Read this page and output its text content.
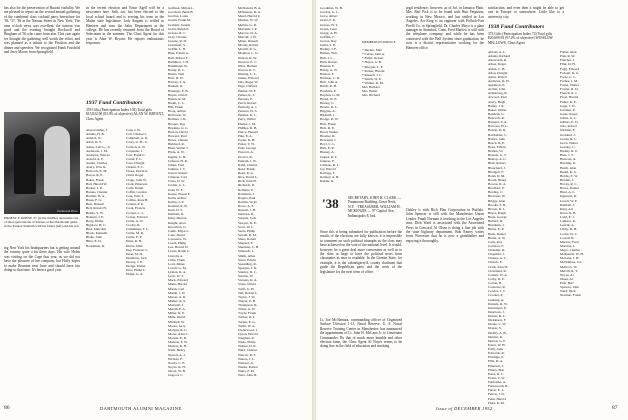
has also for the preservation of Hawaii visibility. We are pleased to report on the second annual gathering of the combined class cocktail party heretofore for '36, '37, '38 at the Nassau Street in New York. The nine o'clock news was excellent; the turnout was good and the evening brought Rockwell and Bingham of '36 who came from afar. This year again we thought the gathering well worth the effort, and was planned as a tribute to the Pavilion and the dinner and speeches. We recognized Frank Fairchild and Jerry Moore from Springfield.

Dartmouth Photo
ERNEST F. KEENE '37 (in the middle) represents one of three generations of Keenes at the Dartmouth game in the Yankee Stadium with his father (left) and his son.

ing New York his headquarters but is getting around the country quite a bit these days. His wife Helen was visiting on the Cape that year, as we did not have the pleasure of her company, but Holly hopes to make Reunion next June and should have fun doing so that time. It's been a good year.

in the recent election and Ernie Agell will be a newcomer here. Seth, too, has been elected to the local school board and is serving his term in the Maine state legislature. Jack Sargent is settled in Hanover and runs the Sales Department at the college. He has recently returned from the Board of Selectmen in the summer. The Class Agent for this year is Alan W. Bryant. He reports enthusiastic responses.

1937 Fund Contributors
359 Gifts (Participation Index 103) Total gifts $15,822.00 (83.0% of objective) ALAN W. BRYANT, Class Agent
Abercrombie, J.
Adams, H. B.
Aldrich, N.
Allen, R. S.
Ames, Carl G., Jr.
Anderson, J. M.
Andrews, Warren
Arnold, A. F.
Austin, Charles
Avery, Wm. R.
Babcock, E. M.
Bacon, R. P.
Baker, Frank
Ball, Harold W.
Barker, J. R.
Barnes, Chester
Bartlett, D. A.
Bates, F. G.
Beal, Russell
Bell, Robert H.
Bemis, S. W.
Bennett, J. E.
Berry, Philip
Bigelow, H. C.
Bird, Malcolm
Black, Kenneth
Blake, John
Bliss, E. D.
Boardman, R.
Cain, J. W.
Call, Chester L.
Campbell, A. K.
Carey, G. B., Jr.
Carlson, A. N.
Carpenter, J.
Carr, Frank C.
Carter, F. L.
Case, Dwight
Chapin, E. L.
Chase, David A.
Child, Roger
Clapp, John W.
Clark, Emerson
Cobb, Ralph
Coffin, Gordon
Cole, Wm. T.
Collins, Ross H.
Conant, P. R.
Cook, Francis
Cooper, C. L.
Cotton, Edward
Crane, A. W.
Crosby, R.
Cummings, T. L.
Curtis, M. R.
Cutler, E. F.
Dana, R. H.
Davis, Allen
Day, Frederic C.
Dean, M. H.
Dennison, Jack
Dewey, J. E.
Dodge, Walter
Dow, Philip L.
Drake, G. A.
Goffinet, Milton L.
Goodwin, Benn B.
Gordon, Louis
Gould, Frank M.
Graham, Joseph
Grant, Ralph E.
Graves, R. C.
Gray, Charles
Greene, R. D.
Greenleaf, S.
Griffin, L. B.
Hale, Edwin A.
Hall, Robert F.
Hamilton, J. H.
Hammond, W.
Hardy, R. C.
Harris, Neil
Hart, D. W.
Harvey, T. A.
Haskell, R.
Hastings, E. B.
Hayes, John P.
Hazen, R. M.
Heath, C. L.
Hill, Frank
Hoag, Arthur
Holbrook, W.
Holmes, J. R.
Hooper, Ray
Hopkins, G. L.
Horton, David
Howard, Paul
Howe, Chester
Hubbard, R.
Hunt, Walter J.
Hyde, A. W.
Ingalls, C. B.
Jackson, H. R.
James, Fred
Jenkins, J. T.
Jewett, Robert
Johnson, Carl
Jones, D. W.
Jordan, A. L.
Judd, W. E.
Keene, Ernest F.
Keith, Arthur
Kelley, J. P.
Kendall, R. B.
Kent, D. S.
Kimball, R.
King, Merton
Knight, Alan
Knowlton, G.
Lamb, Edgar L.
Lane, David
Lawrence, W.
Leach, Philip
Lee, Harold D.
Lewis, Ralph C.
Lincoln, A.
Little, Frank
Lord, James
Lovell, G. M.
Lyman, R. A.
Lyon, W. T.
Mack, Edward
Mann, Harold
Marsh, Carl
Martin, J. D.
Mason, A. R.
Mather, R. S.
Maxwell, J.
Merrill, F. A.
Miller, R. E.
Mills, David
Mitchell, W.
Moore, Jerry
Morgan, R. L.
Morse, Alan C.
Morton, E. D.
Munson, F. W.
Murray, R. H.
Nash, Henry
Newell, A. J.
Nichols, F.
Norris, C. E.
Noyes, R. H.
Olcott, W. B.
Osgood, C.
McDonald, B. A.
McKenzie, R. A.
Mead, Harold T.
Meeker, W. W.
Melvin, G. R.
Merriam, J. P.
Merrow, D. A.
Metcalf, J. H.
Miner, Russell
Moody, Robert
Morrill, R. G.
Moulton, L. G.
Nelson, R. W.
Newton, E. C.
Niles, Herbert
Norton, R. C.
Nutting, L. L.
Oakes, Edward
Otis, Roger W.
Page, Clifford
Palmer, W. F.
Parker, R. T.
Parsons, F.
Patch, Robert
Peabody, A. J.
Pearson, D. S.
Perkins, R. L.
Perry, Walter
Phelps, J. M.
Phillips, R. B.
Pierce, Harold
Pike, E. A.
Porter, R. H.
Potter, T. W.
Pratt, George
Prescott, A.
Proctor, R.
Putnam, J. W.
Rand, Charles
Read, Frank
Reed, R. A.
Rice, David L.
Rich, John H.
Richards, R.
Robbins, E.
Robinson, J.
Rogers, Paul
Rollins, W. D.
Rowe, A. F.
Russell, J. B.
Sanborn, R.
Sargent, Jack
Sawyer, D. E.
Scott, W. L.
Sears, Philip
Sewall, R. M.
Shaw, Robert
Shepard, F.
Sherman, C. H.
Simonds, L.
Smith, Allen
Snow, Edwin
Spaulding, R.
Sprague, J. R.
Stanley, D. C.
Stearns, W.
Stevens, R. A.
Stone, David
Swift, G. H.
Taft, Robert L.
Taylor, J. W.
Thayer, E. B.
Thompson, R.
Tilton, A. W.
Towle, Frank
Tucker, R. J.
Turner, E. G.
Tuttle, W. A.
Underwood, J.
Upton, Harold
Vaughan, R.
Wade, Philip
Walker, D. R.
Ward, Charles
Warren, R. T.
Waters, J. L.
Webster, A.
Weeks, Robert
Wells, F. M.
West, John D.
86	DARTMOUTH ALUMNI MAGAZINE
Goodman, W. B.
Gordon, G. L.
Gove, Albert
Grant, F. R.
Graves, H. T.
Green, Leon
Gregg, A. H.
Griffith, T.
Grover, Ray
Guild, S. P.
Hadley, J. F.
Haines, Wm.
Hall, J. L.
Ham, Robert
Hanson, E.
Hardy, A. W.
Harlow, F.
Harmon, C. D.
Hart, John A.
Hatch, R. B.
Hawkins, P.
Hayden, G. M.
Heald, W. E.
Hersey, C.
Hewitt, R. L.
Higgins, A.
Hildreth, J.
Hodge, R. W.
Hoit, Frank
Holt, D. E.
Hood, Walter
Hosmer, R.
Howland, J.
Hoyt, C. L.
Hull, E. R.
Hussey, A.
Jaques, R. T.
Jenness, P.
Johnson, R. L.
Joy, Harold
Kellogg, F.
Kenney, A. B.
Kidder, R.
MEMBERS IN SERVICE
* Becker, Max
* Curtis, John A.
* Fuller, Robert
* Hayes, A. B.
* Morgan, L. F.
* Parker, Harold
* Russell, J. L.
* Smith, W. P.
* Walker, R. M.
Mrs. Barbara
Mrs. Helen
Mrs. Richard
'38	SECRETARY, JOHN H. CLARK — Paramount Building, Great Neck, N.Y. · TREASURER, WILLIAM H. MCKENZIE — 97 Capitol Ave., Indianapolis 8, Ind.

Since this is being submitted for publication before the results of the elections are fully known, it is impossible to comment on such political triumphs as the class may have achieved on the vote of the national level. It would, however, be a great deal more convenient as well as to the class at large to have the political news from classmates as near to readable. In the Granite State, for example, it is the cabinetgerry'd, county chairmen that guide the Republican party and the work of the legislature for the next term of office.

Lt. Joe McNamara, commanding officer of Organized Surface Division 1-13, Naval Reserve, U. S. Naval Reserve Training Center in Manchester, has announced the appointment of Lt. John H. McLane Jr. to Lieutenant Commander. By that of much more humble and other election fame, the Class Agent Al Noyes seems to be doing fine in the field of education and teaching.

tegal residence; however, as of Jul. in Jamaica Plain. Mrs. Bert Pick is to be found with Hun Ferguson, working in New Mexico, and has settled in Los Angeles. Art King is an engineer with Pollock-Fair Pirelli Co. in Springfield. Dr. Charles Mayo is a plant manager in Stamford, Conn. Fred Marlow is still with the telephone company, and while he has been connected with the Bell System since graduation, he now is a district representative working for the Hanover office.

Oakley is with Rich Plan Corporation in Buffalo. John Spencer is still with the Manchester Union Leader. Frank Norman is teaching in the Los Angeles area. Dick Ward is associated with the Associated Press in Concord. Al Olsen is doing a fine job with the state highway department. Bob Emery writes from Worcester that he is now a grandfather and enjoying it thoroughly.

satisfaction, and even then it might be able to get one in Europe or somewhere. Little like to a university city.

1938 Fund Contributors
374 Gifts (Participation Index 74) Total gifts $20,609.95 (97.2% of objective) WINSLOW MELLOWS, Class Agent
Abbott, A. L.
Adams, Richard
Ainsworth, R.
Albee, Roger
Alden, C. H.
Allen, Dwight
Ames, Robert
Andrews, D. W.
Appleton, E.
Archer, John
Armstrong, R.
Atwood, Paul
Avery, Hugh
Bailey, J. R.
Baker, Walter
Baldwin, G.
Bancroft, R.
Barnard, S. A.
Barrows, H. L.
Barton, D. R.
Batchelder, C.
Baxter, John
Beach, R. E.
Bean, Edwin
Belden, W.
Benson, G. T.
Bishop, A. C.
Blair, Robert
Blanchard, J.
Blodgett, F.
Bond, D. M.
Booth, Henry
Bowen, R. A.
Bradford, E.
Bradley, C.
Brewster, W.
Briggs, Alan
Brooks, F. H.
Brown, R. L.
Bruce, Ralph
Buck, George
Bullard, R.
Burnham, J.
Burns, E. P.
Bush, Daniel
Butler, A. W.
Cady, Roy
Carleton, F.
Chandler, R.
Chapman, J.
Cheney, A. L.
Church, E.
Clark, John H.
Cleveland, R.
Coburn, W. A.
Colby, D. E.
Colton, H.
Converse, R.
Cowles, J. T.
Crocker, P.
Cushing, A.
Daniels, R. W.
Davenport, E.
Dearborn, J.
Dexter, R. L.
Dickinson, F.
Doane, C. W.
Draper, S.
Dudley, A. B.
Dunbar, R.
Dutton, G. E.
Eaton, W. H.
Eddy, John
Edwards, R.
Eldridge, P.
Ellis, D. A.
Emerson, J.
Emery, Bob
Estes, R. C.
Evans, T. W.
Fairbanks, A.
Farnsworth, R.
Farrar, E. L.
Felton, J. D.
Fenn, Harold
Field, R. M.
Fisher, Alan
Fisk, R. W.
Fletcher, J.
Flint, D. H.
Fogg, Edward
Folsom, R. A.
Foote, C. L.
Forbes, J. M.
Foster, Walter
Fowler, R. D.
French, A. J.
Frost, Harold
Fuller, R. E.
Gage, J. W.
Gardner, P.
Gates, Roger
Gibbs, A. C.
Gilbert, E. D.
Gile, Robert
Glidden, F.
Goddard, J.
Gould, R. L.
Gove, Walter
Greeley, C.
Hadley, R. P.
Hale, J. T.
Hanover, A.
Harding, R.
Hatch, Alan
Heald, R. S.
Hobbs, E. W.
Holden, J.
Hovey, R. C.
Howe, Daniel
Hunt, A. L.
Ingersoll, R.
Jewell, W. F.
Kimball, J.
King, Art
Knox, R. B.
Ladd, E. J.
Lamson, R.
Leavitt, A.
Libby, D. H.
Locke, W. C.
Lowell, R.
Marlow, Fred
Marston, J.
Mayo, Charles
McKenzie, W. H.
McLane, J. H.
McNamara, Joe
Mellows, W.
Merrill, R. T.
Noyes, Al
Olsen, Al
Pick, Bert
Spencer, John
Ward, Dick
Norman, Frank
Issue of DECEMBER 1952	87
